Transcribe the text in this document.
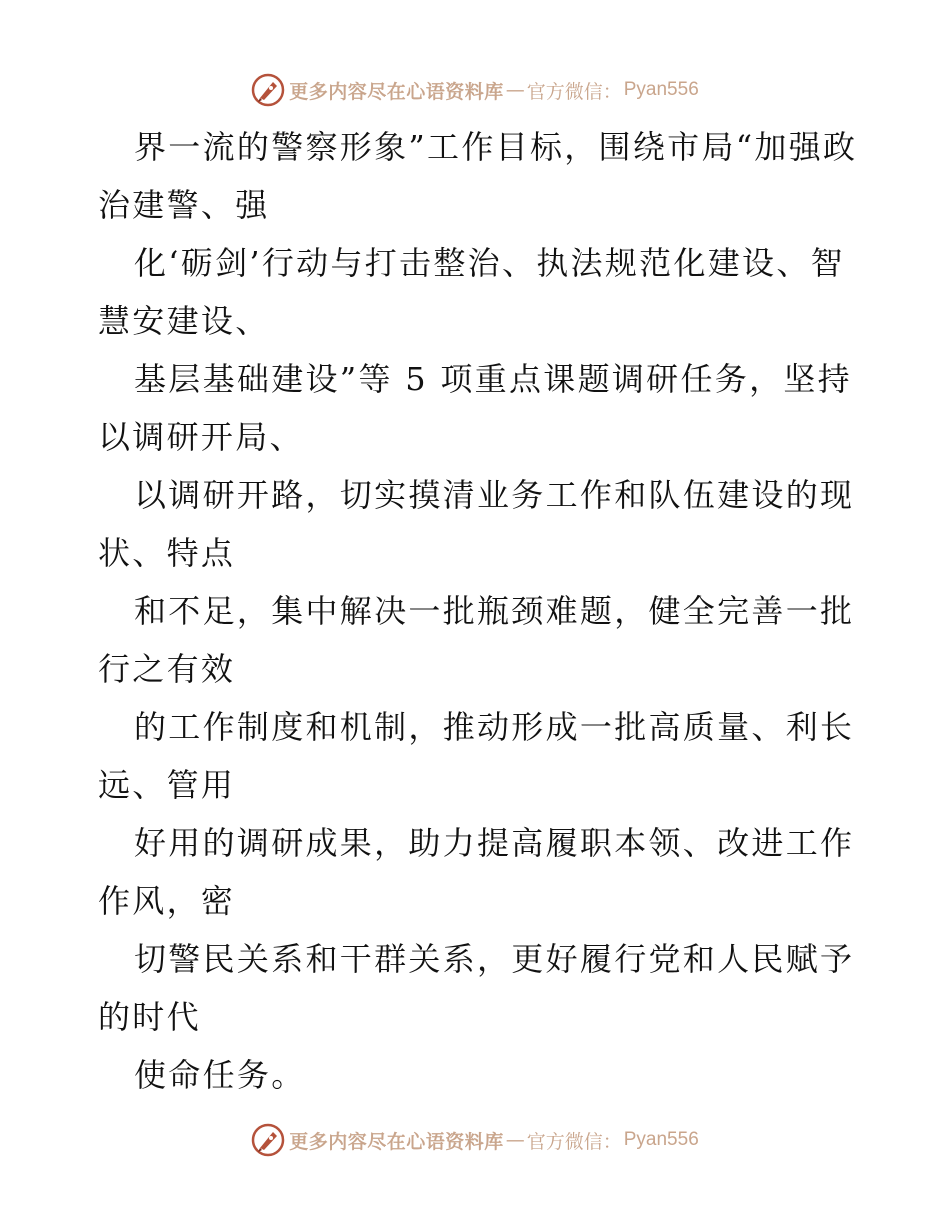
更多内容尽在心语资料库 — 官方微信： Pyan556

界一流的警察形象”工作目标，围绕市局“加强政治建警、强

化‘砺剑’行动与打击整治、执法规范化建设、智慧安建设、

基层基础建设”等 5 项重点课题调研任务，坚持以调研开局、

以调研开路，切实摸清业务工作和队伍建设的现状、特点

和不足，集中解决一批瓶颈难题，健全完善一批行之有效

的工作制度和机制，推动形成一批高质量、利长远、管用

好用的调研成果，助力提高履职本领、改进工作作风，密

切警民关系和干群关系，更好履行党和人民赋予的时代

使命任务。

更多内容尽在心语资料库 — 官方微信： Pyan556
